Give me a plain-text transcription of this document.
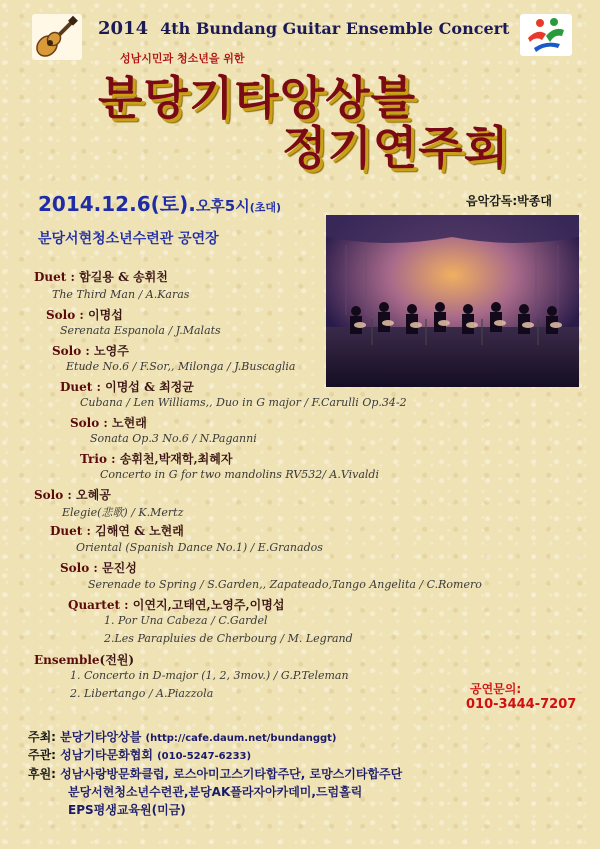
2014 4th Bundang Guitar Ensemble Concert
성남시민과 청소년을 위한
분당기타앙상블
정기연주회
2014.12.6(토).오후5시(초대)	음악감독:박종대
분당서현청소년수련관 공연장
Duet : 함길용 & 송휘천
The Third Man / A.Karas
Solo : 이명섭
Serenata Espanola / J.Malats
Solo : 노영주
Etude No.6 / F.Sor,, Milonga / J.Buscaglia
Duet : 이명섭 & 최정균
Cubana / Len Williams,, Duo in G major / F.Carulli Op.34-2
Solo : 노현래
Sonata Op.3 No.6 / N.Paganni
Trio : 송휘천,박재학,최혜자
Concerto in G for two mandolins RV532/ A.Vivaldi
Solo : 오혜공
Elegie(悲歌) / K.Mertz
Duet : 김해연 & 노현래
Oriental (Spanish Dance No.1) / E.Granados
Solo : 문진성
Serenade to Spring / S.Garden,, Zapateado,Tango Angelita / C.Romero
Quartet : 이연지,고태연,노영주,이명섭
1. Por Una Cabeza / C.Gardel
2.Les Parapluies de Cherbourg / M. Legrand
Ensemble(전원)
1. Concerto in D-major (1, 2, 3mov.) / G.P.Teleman
2. Libertango / A.Piazzola	공연문의:
010-3444-7207
주최: 분당기타앙상블 (http://cafe.daum.net/bundanggt)
주관: 성남기타문화협회 (010-5247-6233)
후원: 성남사랑방문화클럽, 로스아미고스기타합주단, 로망스기타합주단
분당서현청소년수련관,분당AK플라자아카데미,드럼홀릭
EPS평생교육원(미금)
